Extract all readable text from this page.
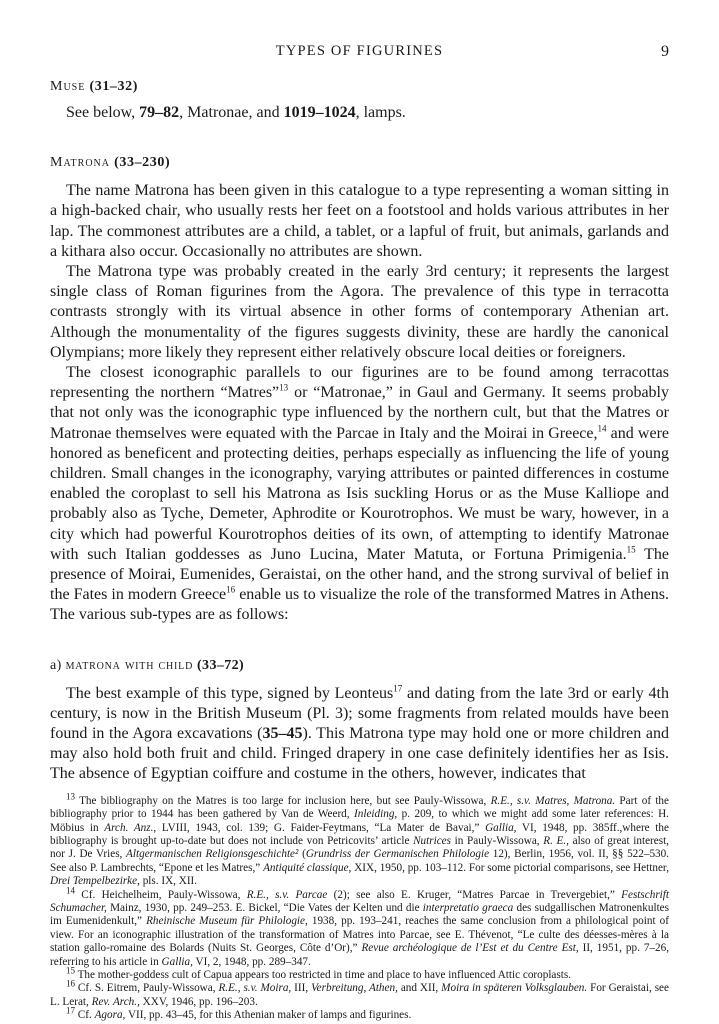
TYPES OF FIGURINES	9
Muse (31–32)

See below, 79–82, Matronae, and 1019–1024, lamps.

Matrona (33–230)

The name Matrona has been given in this catalogue to a type representing a woman sitting in a high-backed chair, who usually rests her feet on a footstool and holds various attributes in her lap. The commonest attributes are a child, a tablet, or a lapful of fruit, but animals, garlands and a kithara also occur. Occasionally no attributes are shown.

The Matrona type was probably created in the early 3rd century; it represents the largest single class of Roman figurines from the Agora. The prevalence of this type in terracotta contrasts strongly with its virtual absence in other forms of contemporary Athenian art. Although the monumentality of the figures suggests divinity, these are hardly the canonical Olympians; more likely they represent either relatively obscure local deities or foreigners.

The closest iconographic parallels to our figurines are to be found among terracottas representing the northern “Matres”$^{13}$ or “Matronae,” in Gaul and Germany. It seems probably that not only was the iconographic type influenced by the northern cult, but that the Matres or Matronae themselves were equated with the Parcae in Italy and the Moirai in Greece,$^{14}$ and were honored as beneficent and protecting deities, perhaps especially as influencing the life of young children. Small changes in the iconography, varying attributes or painted differences in costume enabled the coroplast to sell his Matrona as Isis suckling Horus or as the Muse Kalliope and probably also as Tyche, Demeter, Aphrodite or Kourotrophos. We must be wary, however, in a city which had powerful Kourotrophos deities of its own, of attempting to identify Matronae with such Italian goddesses as Juno Lucina, Mater Matuta, or Fortuna Primigenia.$^{15}$ The presence of Moirai, Eumenides, Geraistai, on the other hand, and the strong survival of belief in the Fates in modern Greece$^{16}$ enable us to visualize the role of the transformed Matres in Athens. The various sub-types are as follows:

a) matrona with child (33–72)

The best example of this type, signed by Leonteus$^{17}$ and dating from the late 3rd or early 4th century, is now in the British Museum (Pl. 3); some fragments from related moulds have been found in the Agora excavations (35–45). This Matrona type may hold one or more children and may also hold both fruit and child. Fringed drapery in one case definitely identifies her as Isis. The absence of Egyptian coiffure and costume in the others, however, indicates that

$^{13}$ The bibliography on the Matres is too large for inclusion here, but see Pauly-Wissowa, R.E., s.v. Matres, Matrona. Part of the bibliography prior to 1944 has been gathered by Van de Weerd, Inleiding, p. 209, to which we might add some later references: H. Möbius in Arch. Anz., LVIII, 1943, col. 139; G. Faider-Feytmans, “La Mater de Bavai,” Gallia, VI, 1948, pp. 385ff.,where the bibliography is brought up-to-date but does not include von Petricovits’ article Nutrices in Pauly-Wissowa, R. E., also of great interest, nor J. De Vries, Altgermanischen Religionsgeschichte² (Grundriss der Germanischen Philologie 12), Berlin, 1956, vol. II, §§ 522–530. See also P. Lambrechts, “Epone et les Matres,” Antiquité classique, XIX, 1950, pp. 103–112. For some pictorial comparisons, see Hettner, Drei Tempelbezirke, pls. IX, XII.

$^{14}$ Cf. Heichelheim, Pauly-Wissowa, R.E., s.v. Parcae (2); see also E. Kruger, “Matres Parcae in Trevergebiet,” Festschrift Schumacher, Mainz, 1930, pp. 249–253. E. Bickel, “Die Vates der Kelten und die interpretatio graeca des sudgallischen Matronenkultes im Eumenidenkult,” Rheinische Museum für Philologie, 1938, pp. 193–241, reaches the same conclusion from a philological point of view. For an iconographic illustration of the transformation of Matres into Parcae, see E. Thévenot, “Le culte des déesses-mères à la station gallo-romaine des Bolards (Nuits St. Georges, Côte d’Or),” Revue archéologique de l’Est et du Centre Est, II, 1951, pp. 7–26, referring to his article in Gallia, VI, 2, 1948, pp. 289–347.

$^{15}$ The mother-goddess cult of Capua appears too restricted in time and place to have influenced Attic coroplasts.

$^{16}$ Cf. S. Eitrem, Pauly-Wissowa, R.E., s.v. Moira, III, Verbreitung, Athen, and XII, Moira in späteren Volksglauben. For Geraistai, see L. Lerat, Rev. Arch., XXV, 1946, pp. 196–203.

$^{17}$ Cf. Agora, VII, pp. 43–45, for this Athenian maker of lamps and figurines.
